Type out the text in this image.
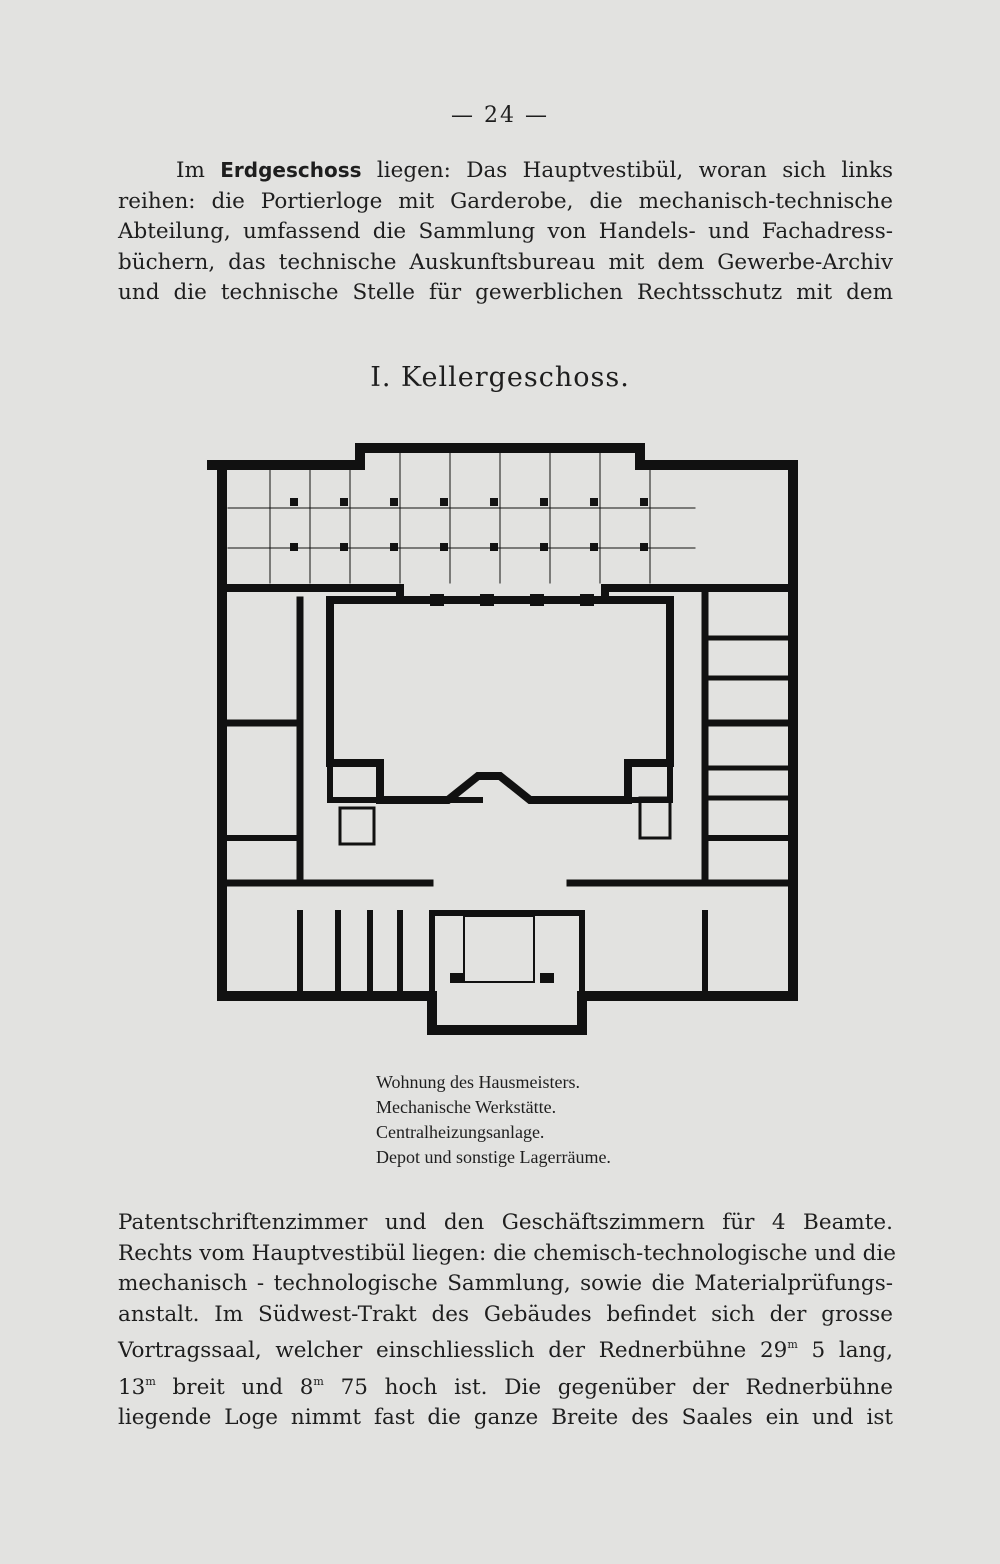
— 24 —
Im Erdgeschoss liegen: Das Hauptvestibül, woran sich links
reihen: die Portierloge mit Garderobe, die mechanisch-technische
Abteilung, umfassend die Sammlung von Handels- und Fachadress-
büchern, das technische Auskunftsbureau mit dem Gewerbe-Archiv
und die technische Stelle für gewerblichen Rechtsschutz mit dem
I. Kellergeschoss.
Wohnung des Hausmeisters.
Mechanische Werkstätte.
Centralheizungsanlage.
Depot und sonstige Lagerräume.
Patentschriftenzimmer und den Geschäftszimmern für 4 Beamte.
Rechts vom Hauptvestibül liegen: die chemisch-technologische und die
mechanisch - technologische Sammlung, sowie die Materialprüfungs-
anstalt. Im Südwest-Trakt des Gebäudes befindet sich der grosse
Vortragssaal, welcher einschliesslich der Rednerbühne 29$^m$ 5 lang,
13$^m$ breit und 8$^m$ 75 hoch ist. Die gegenüber der Rednerbühne
liegende Loge nimmt fast die ganze Breite des Saales ein und ist
